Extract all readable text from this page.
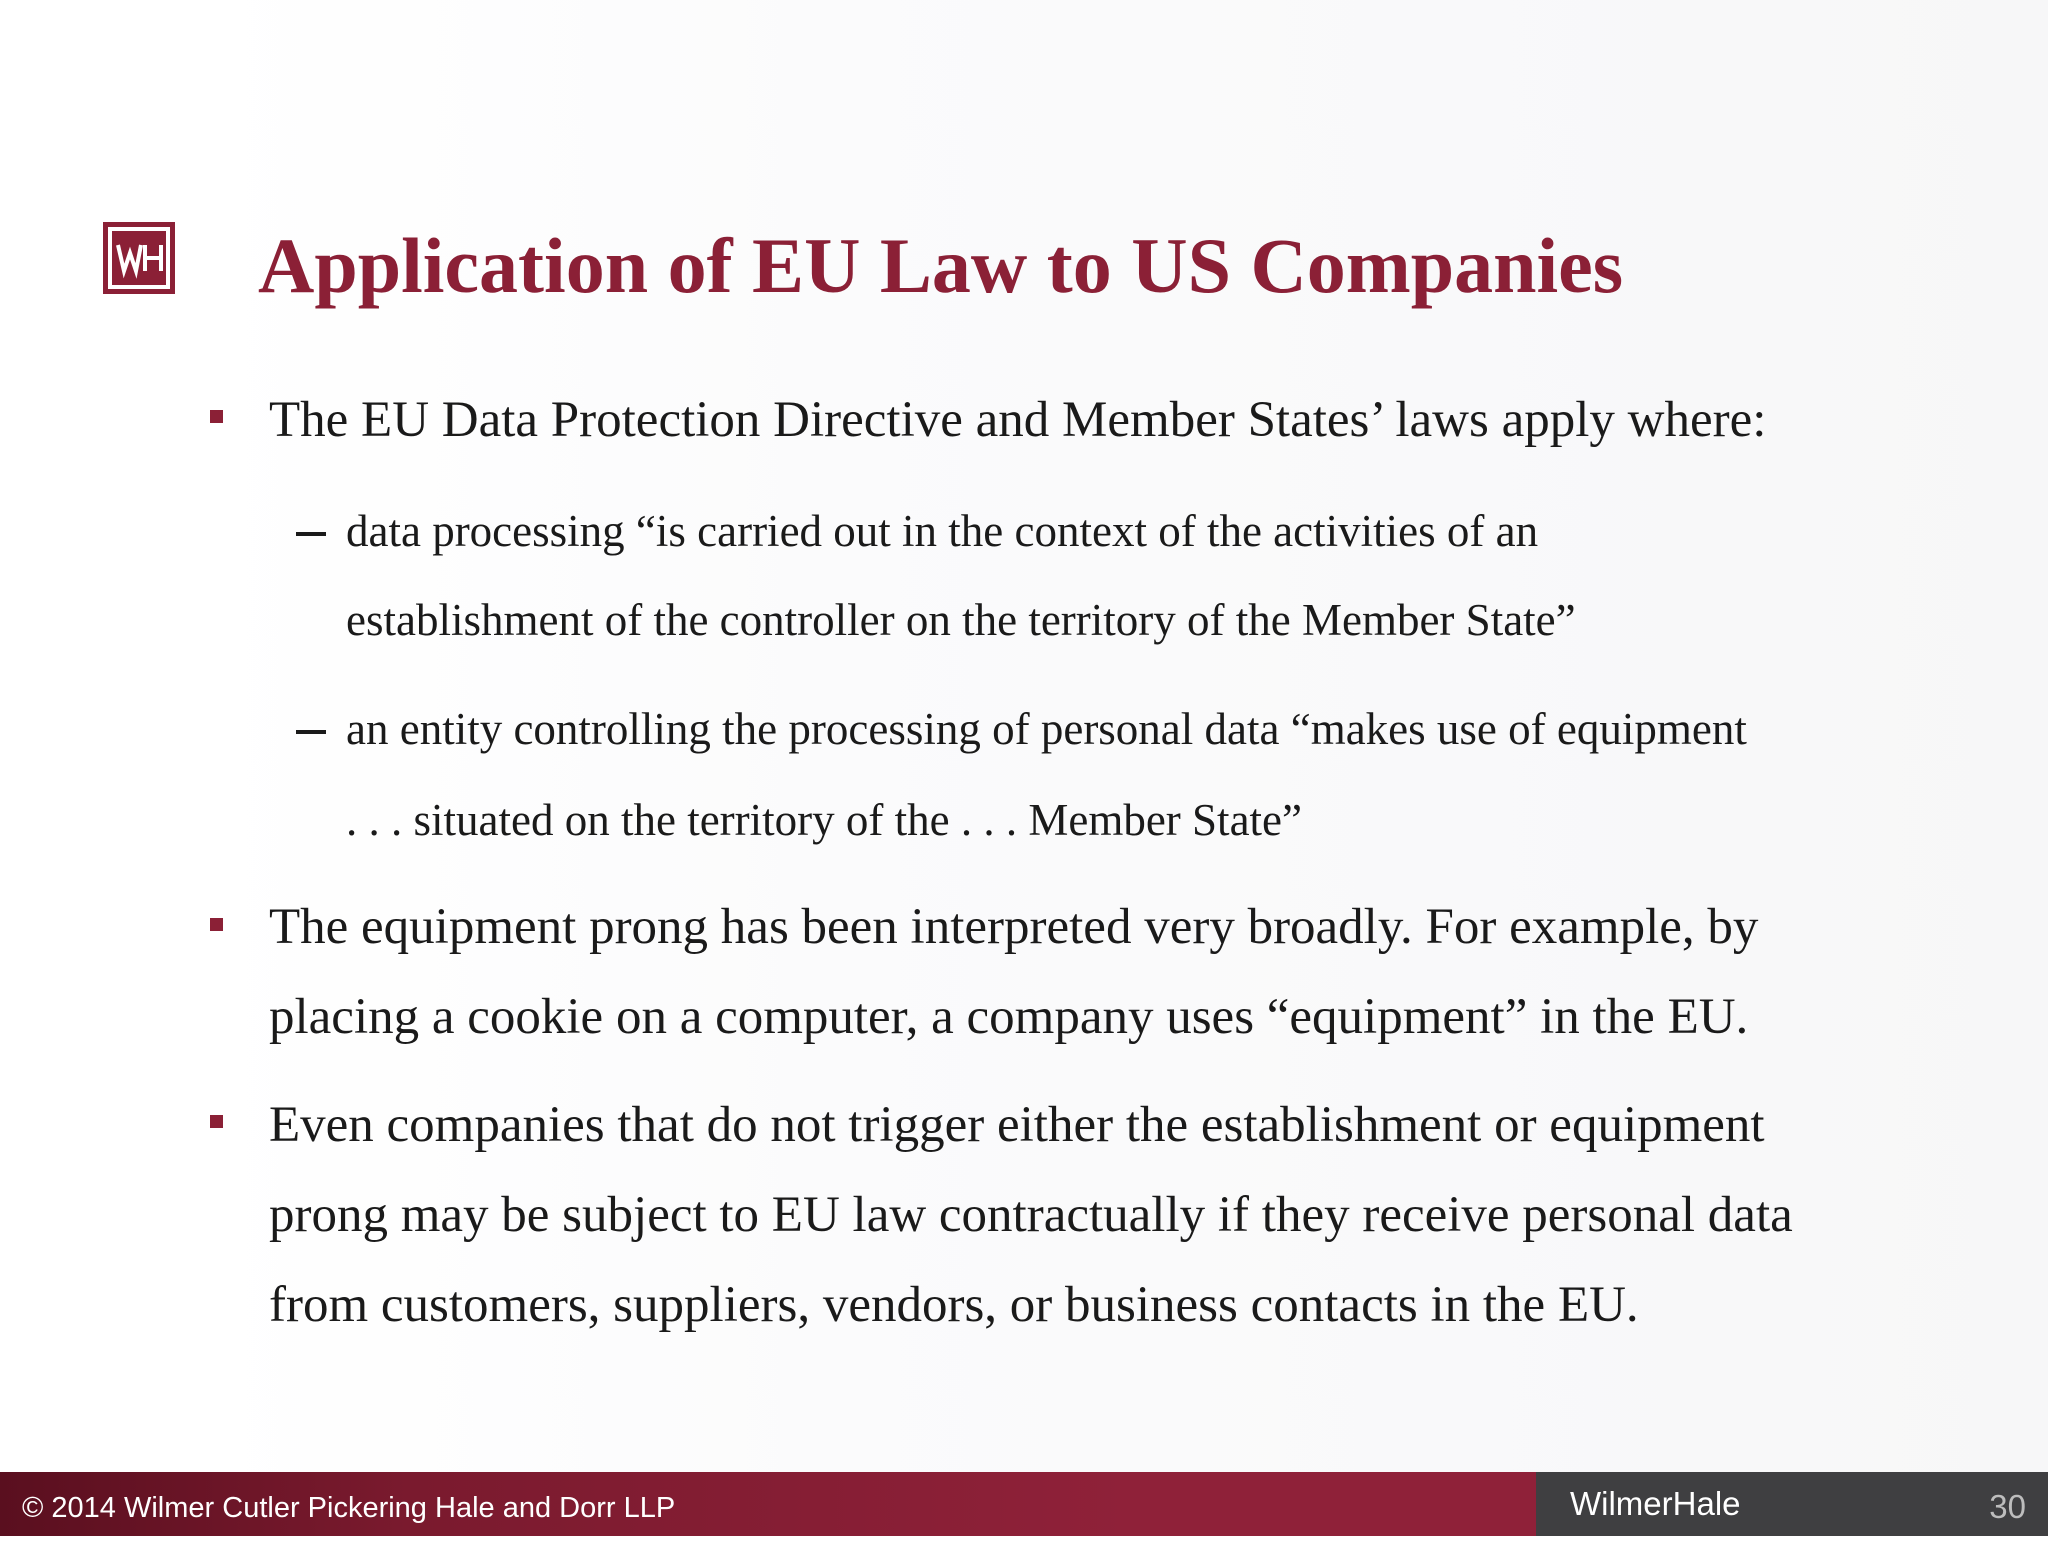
Application of EU Law to US Companies
The EU Data Protection Directive and Member States’ laws apply where:
data processing “is carried out in the context of the activities of an
establishment of the controller on the territory of the Member State”
an entity controlling the processing of personal data “makes use of equipment
. . . situated on the territory of the . . . Member State”
The equipment prong has been interpreted very broadly. For example, by
placing a cookie on a computer, a company uses “equipment” in the EU.
Even companies that do not trigger either the establishment or equipment
prong may be subject to EU law contractually if they receive personal data
from customers, suppliers, vendors, or business contacts in the EU.
© 2014 Wilmer Cutler Pickering Hale and Dorr LLP	WilmerHale	30
